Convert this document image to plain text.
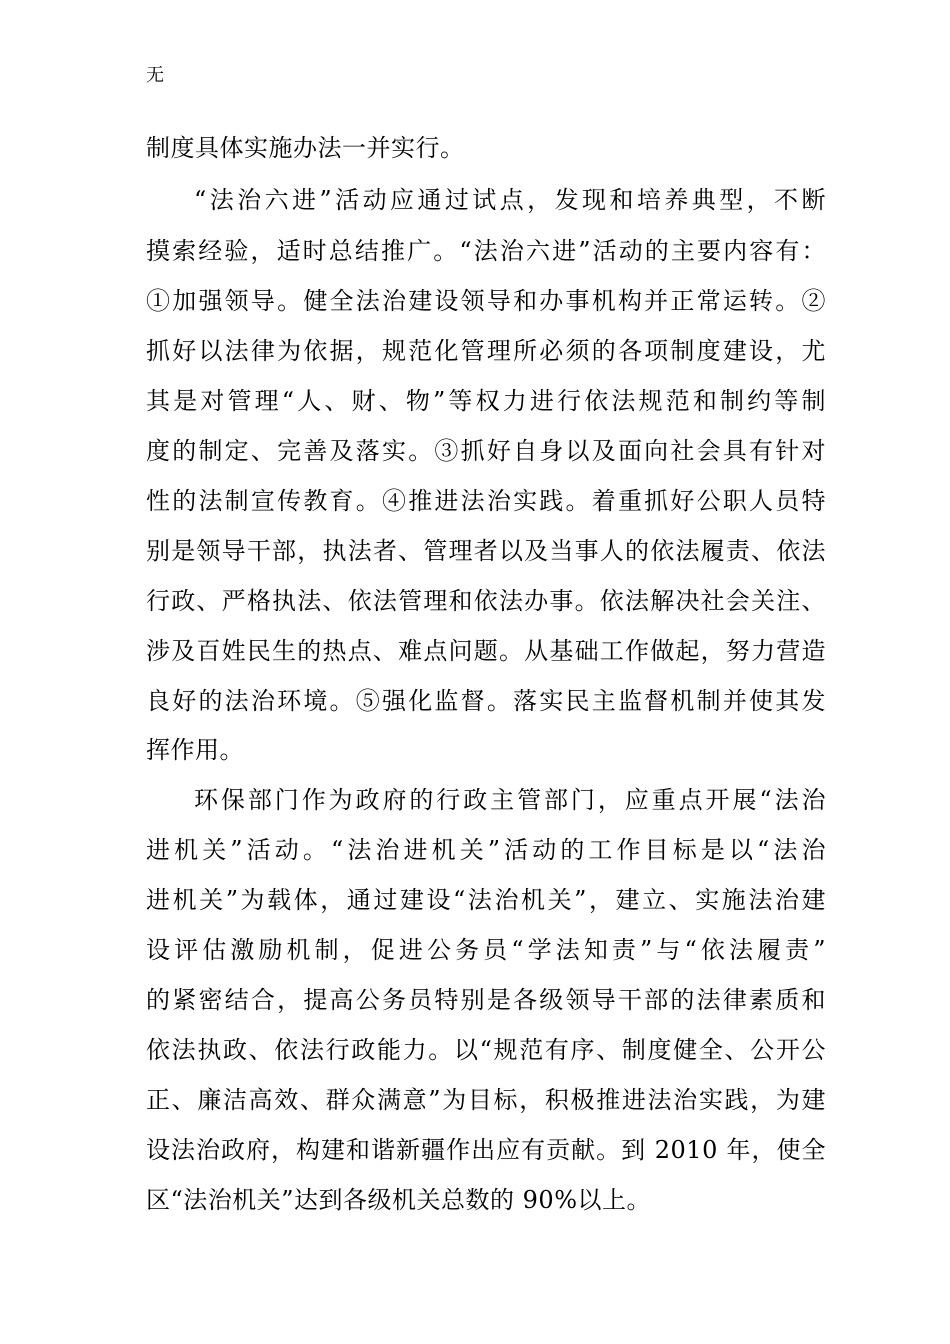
无
制度具体实施办法一并实行。
“法治六进”活动应通过试点，发现和培养典型，不断
摸索经验，适时总结推广。“法治六进”活动的主要内容有：
①加强领导。健全法治建设领导和办事机构并正常运转。②
抓好以法律为依据，规范化管理所必须的各项制度建设，尤
其是对管理“人、财、物”等权力进行依法规范和制约等制
度的制定、完善及落实。③抓好自身以及面向社会具有针对
性的法制宣传教育。④推进法治实践。着重抓好公职人员特
别是领导干部，执法者、管理者以及当事人的依法履责、依法
行政、严格执法、依法管理和依法办事。依法解决社会关注、
涉及百姓民生的热点、难点问题。从基础工作做起，努力营造
良好的法治环境。⑤强化监督。落实民主监督机制并使其发
挥作用。
环保部门作为政府的行政主管部门，应重点开展“法治
进机关”活动。“法治进机关”活动的工作目标是以“法治
进机关”为载体，通过建设“法治机关”，建立、实施法治建
设评估激励机制，促进公务员“学法知责”与“依法履责”
的紧密结合，提高公务员特别是各级领导干部的法律素质和
依法执政、依法行政能力。以“规范有序、制度健全、公开公
正、廉洁高效、群众满意”为目标，积极推进法治实践，为建
设法治政府，构建和谐新疆作出应有贡献。到 2010 年，使全
区“法治机关”达到各级机关总数的 90%以上。
